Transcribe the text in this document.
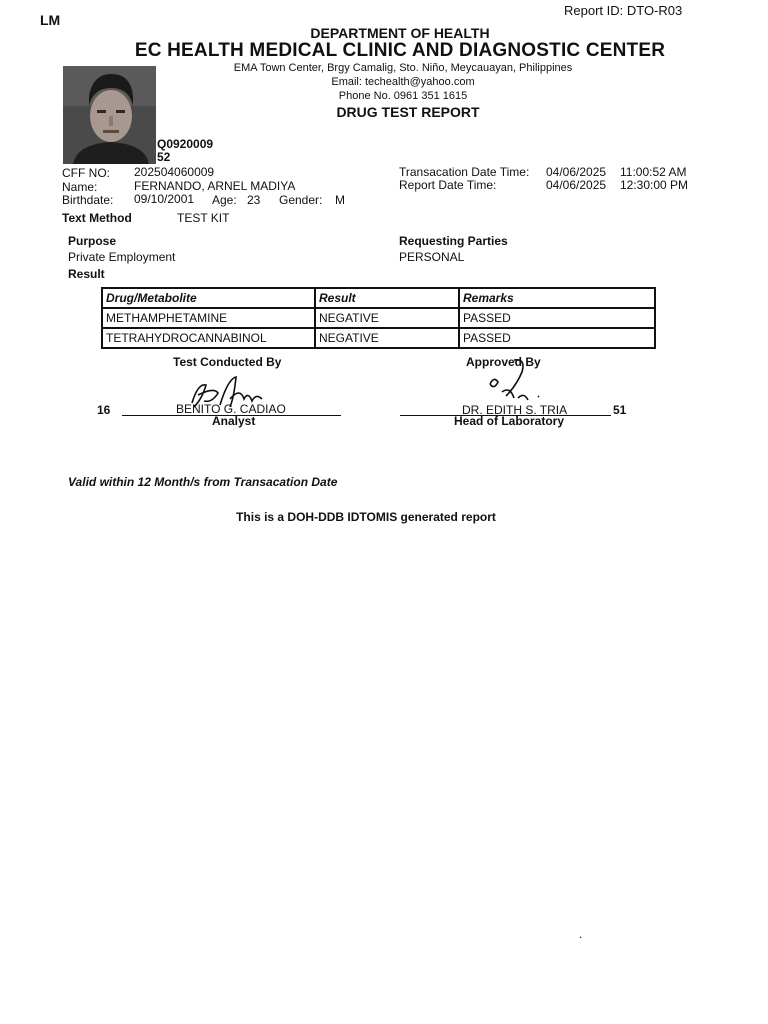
LM
Report ID: DTO-R03
DEPARTMENT OF HEALTH
EC HEALTH MEDICAL CLINIC AND DIAGNOSTIC CENTER
EMA Town Center, Brgy Camalig, Sto. Niño, Meycauayan, Philippines
Email: techealth@yahoo.com
Phone No. 0961 351 1615
DRUG TEST REPORT
Q0920009
52
CFF NO: 202504060009
Name:	FERNANDO, ARNEL MADIYA
Birthdate: 09/10/2001 Age: 23 Gender: M
Transacation Date Time: 04/06/2025 11:00:52 AM
Report Date Time:	04/06/2025 12:30:00 PM
Text Method	TEST KIT
Purpose
Private Employment
Requesting Parties
PERSONAL
Result
Drug/Metabolite	Result	Remarks
METHAMPHETAMINE	NEGATIVE	PASSED
TETRAHYDROCANNABINOL	NEGATIVE	PASSED
Test Conducted By	Approved By
16	BENITO G. CADIAO
Analyst
DR. EDITH S. TRIA
Head of Laboratory
51
Valid within 12 Month/s from Transacation Date
This is a DOH-DDB IDTOMIS generated report
.
